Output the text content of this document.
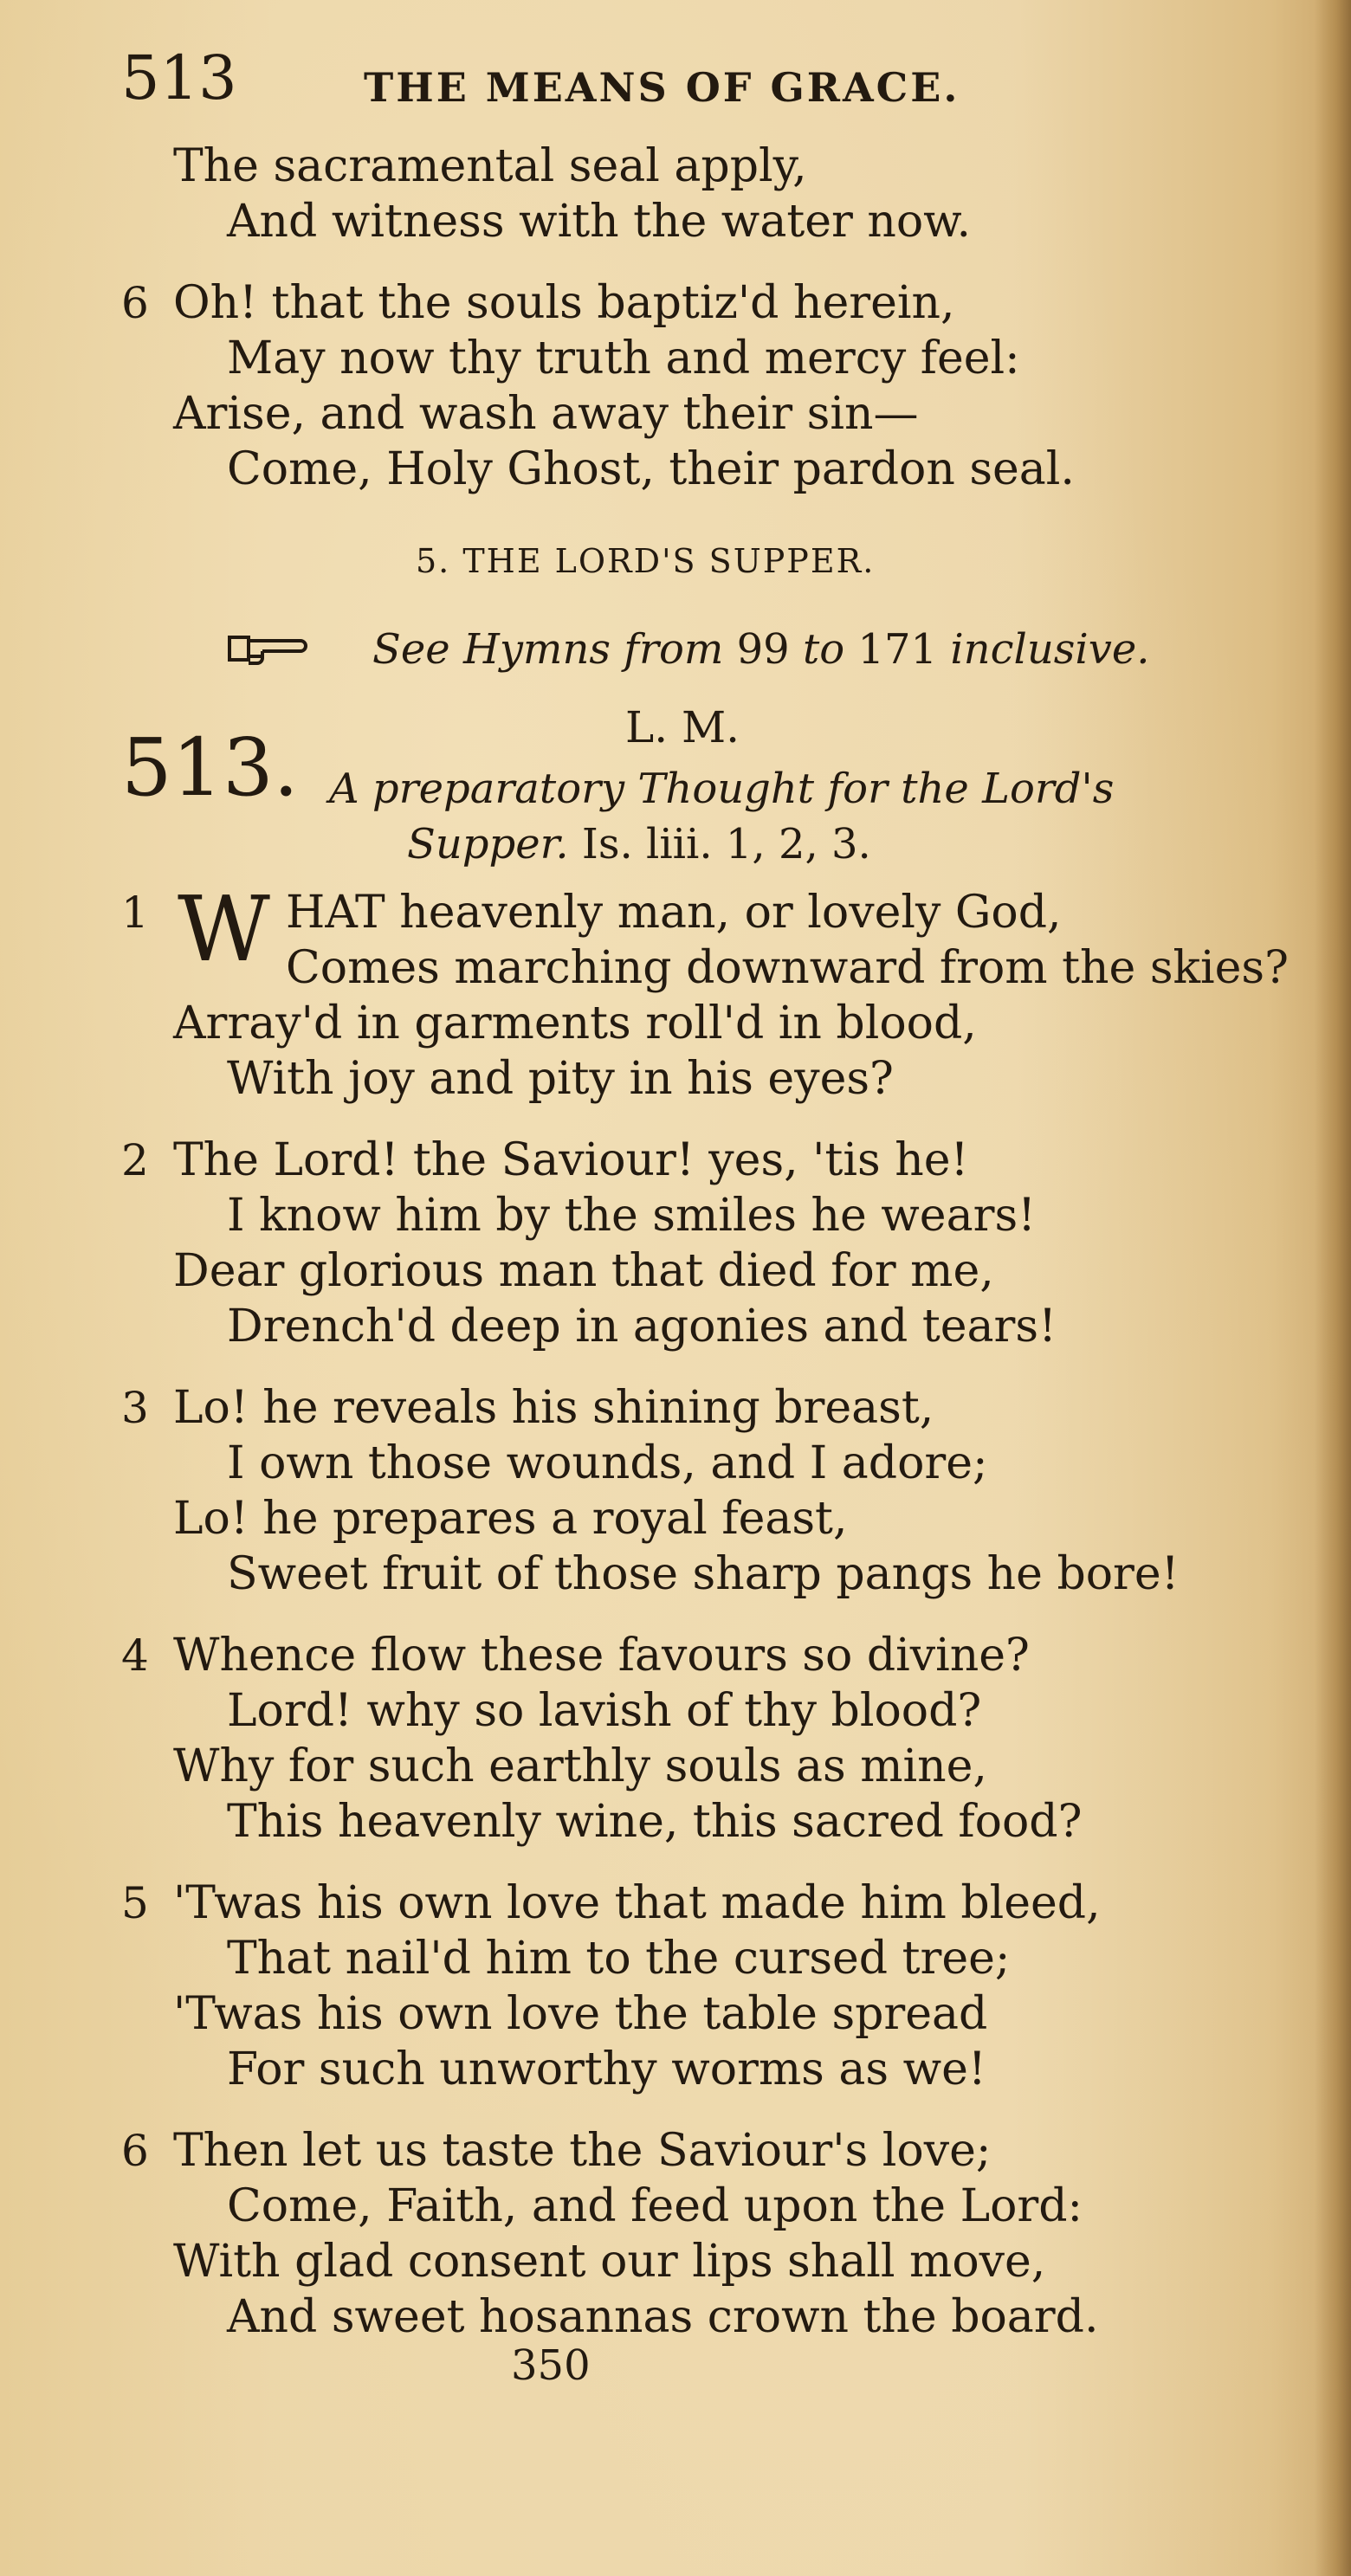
513	THE MEANS OF GRACE.
The sacramental seal apply,
And witness with the water now.
6 Oh! that the souls baptiz'd herein,
May now thy truth and mercy feel:
Arise, and wash away their sin—
Come, Holy Ghost, their pardon seal.
5. THE LORD'S SUPPER.
See Hymns from 99 to 171 inclusive.
513.	L. M.
A preparatory Thought for the Lord's
Supper. Is. liii. 1, 2, 3.
1 W HAT heavenly man, or lovely God,
Comes marching downward from the skies?
Array'd in garments roll'd in blood,
With joy and pity in his eyes?
2 The Lord! the Saviour! yes, 'tis he!
I know him by the smiles he wears!
Dear glorious man that died for me,
Drench'd deep in agonies and tears!
3 Lo! he reveals his shining breast,
I own those wounds, and I adore;
Lo! he prepares a royal feast,
Sweet fruit of those sharp pangs he bore!
4 Whence flow these favours so divine?
Lord! why so lavish of thy blood?
Why for such earthly souls as mine,
This heavenly wine, this sacred food?
5 'Twas his own love that made him bleed,
That nail'd him to the cursed tree;
'Twas his own love the table spread
For such unworthy worms as we!
6 Then let us taste the Saviour's love;
Come, Faith, and feed upon the Lord:
With glad consent our lips shall move,
And sweet hosannas crown the board.
350
